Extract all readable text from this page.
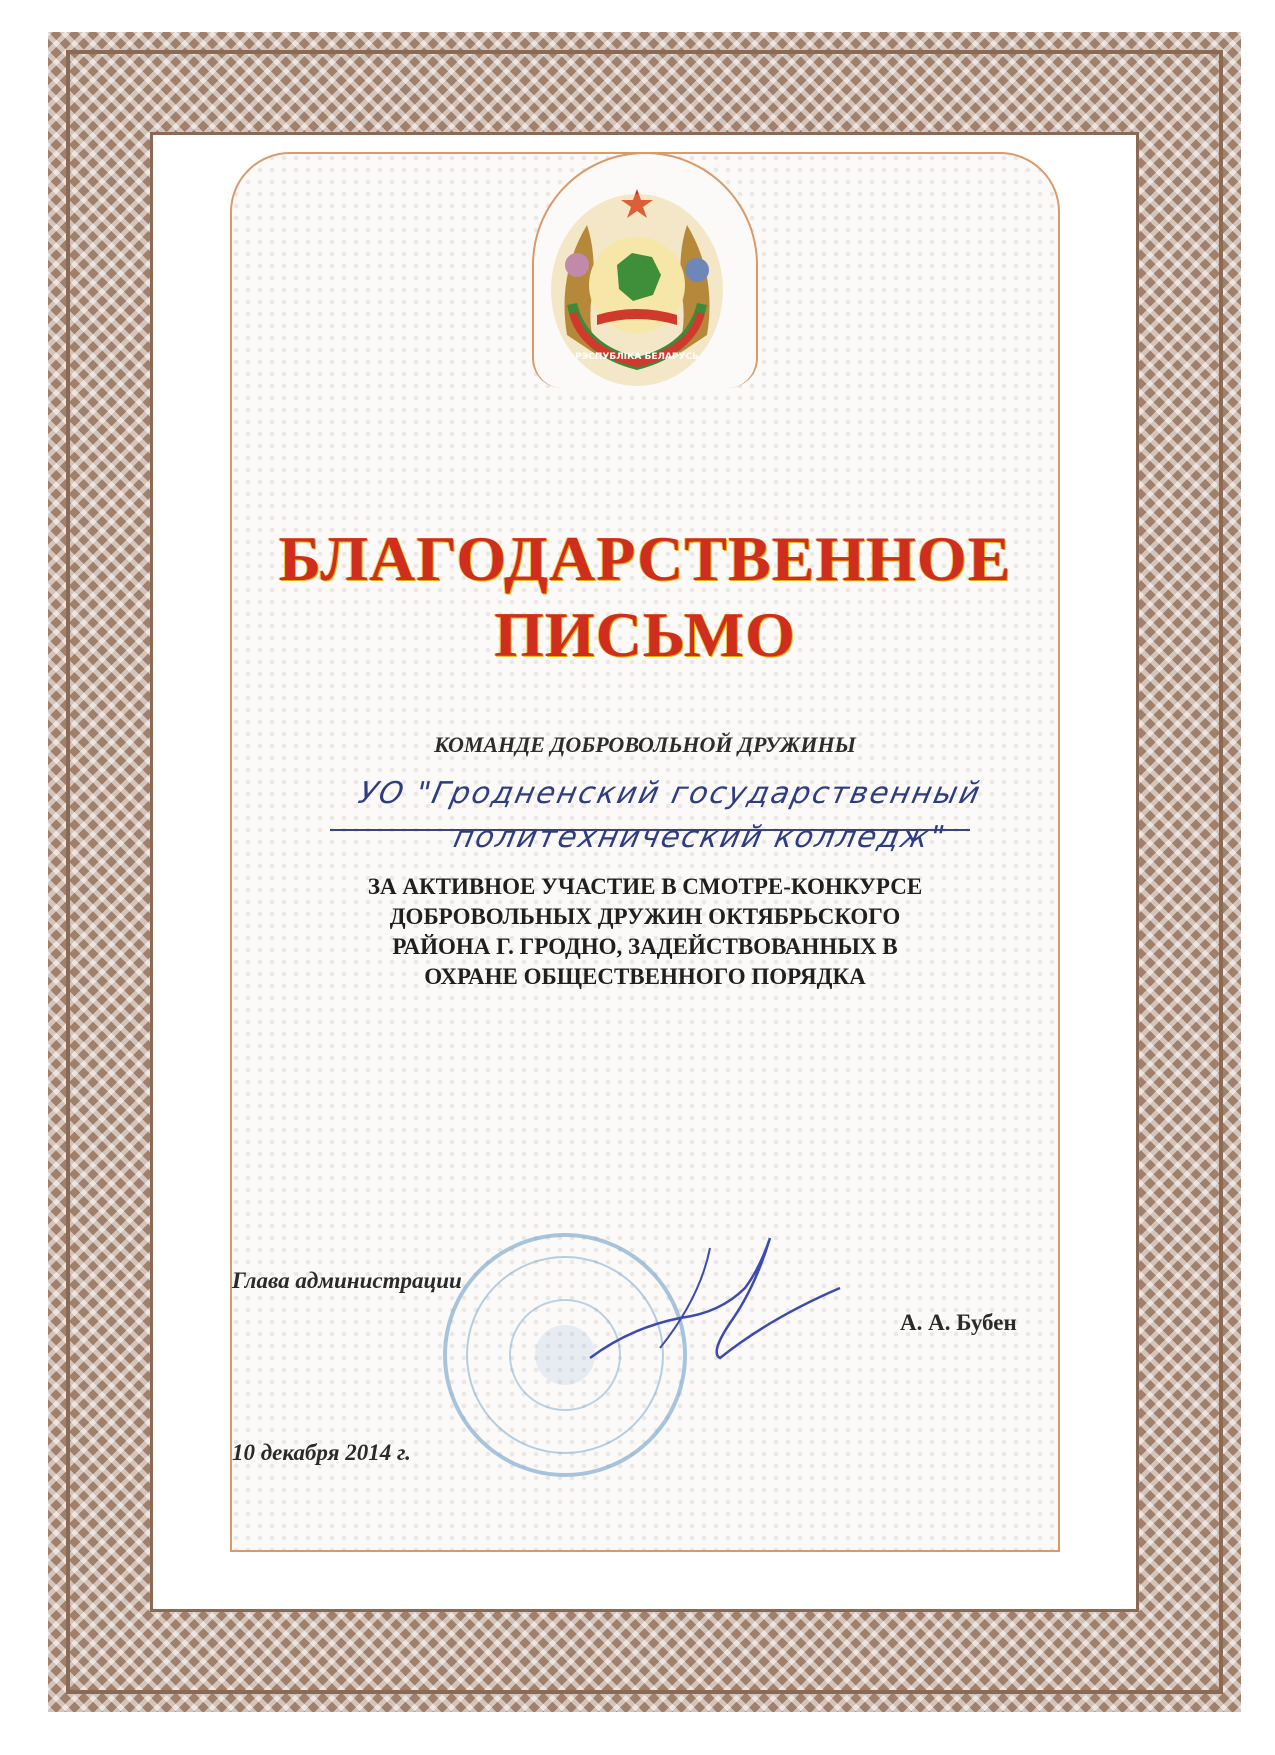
РЭСПУБЛІКА БЕЛАРУСЬ
БЛАГОДАРСТВЕННОЕ
ПИСЬМО
КОМАНДЕ ДОБРОВОЛЬНОЙ ДРУЖИНЫ
УО "Гродненский государственный
политехнический колледж"
ЗА АКТИВНОЕ УЧАСТИЕ В СМОТРЕ-КОНКУРСЕ
ДОБРОВОЛЬНЫХ ДРУЖИН ОКТЯБРЬСКОГО
РАЙОНА Г. ГРОДНО, ЗАДЕЙСТВОВАННЫХ В
ОХРАНЕ ОБЩЕСТВЕННОГО ПОРЯДКА
Глава администрации
А. А. Бубен
10 декабря 2014 г.
